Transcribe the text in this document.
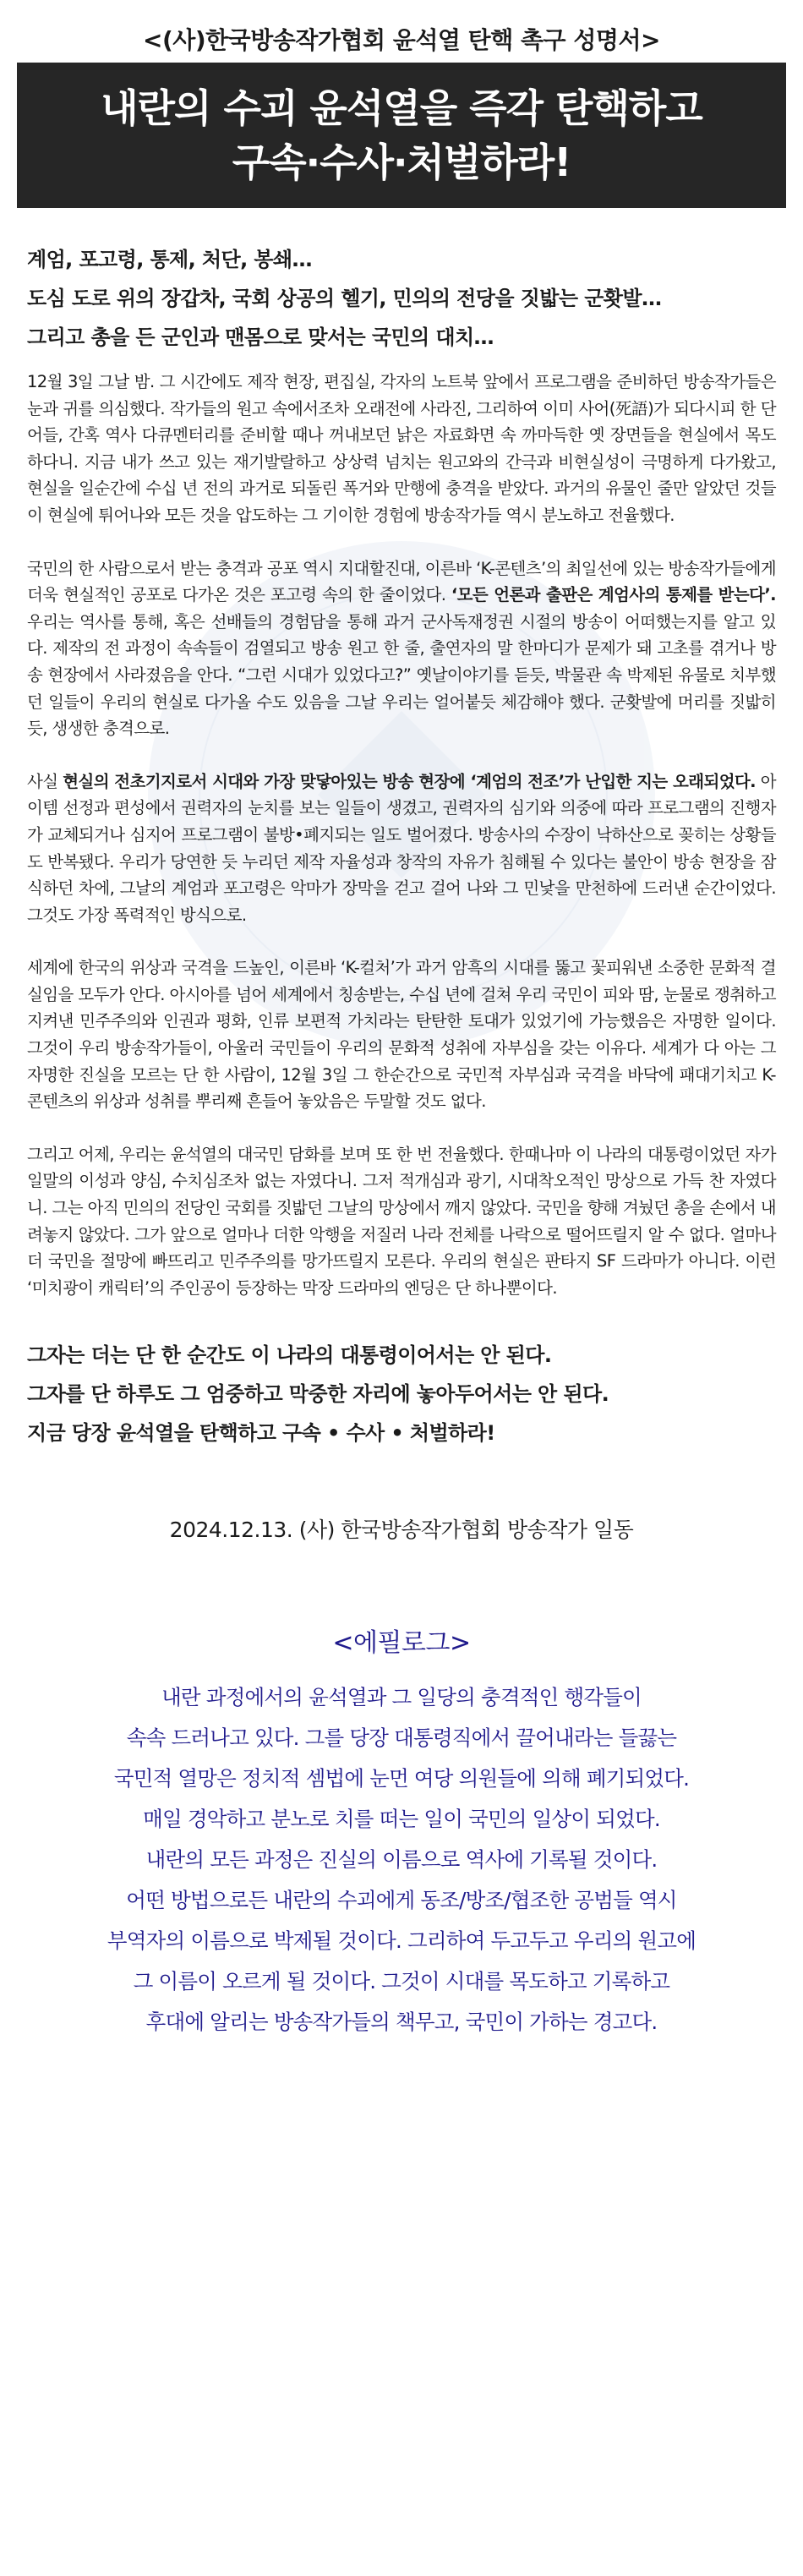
<(사)한국방송작가협회 윤석열 탄핵 촉구 성명서>
내란의 수괴 윤석열을 즉각 탄핵하고
구속·수사·처벌하라!
계엄, 포고령, 통제, 처단, 봉쇄…
도심 도로 위의 장갑차, 국회 상공의 헬기, 민의의 전당을 짓밟는 군홧발…
그리고 총을 든 군인과 맨몸으로 맞서는 국민의 대치…
12월 3일 그날 밤. 그 시간에도 제작 현장, 편집실, 각자의 노트북 앞에서 프로그램을 준비하던 방송작가들은 눈과 귀를 의심했다. 작가들의 원고 속에서조차 오래전에 사라진, 그리하여 이미 사어(死語)가 되다시피 한 단어들, 간혹 역사 다큐멘터리를 준비할 때나 꺼내보던 낡은 자료화면 속 까마득한 옛 장면들을 현실에서 목도하다니. 지금 내가 쓰고 있는 재기발랄하고 상상력 넘치는 원고와의 간극과 비현실성이 극명하게 다가왔고, 현실을 일순간에 수십 년 전의 과거로 되돌린 폭거와 만행에 충격을 받았다. 과거의 유물인 줄만 알았던 것들이 현실에 튀어나와 모든 것을 압도하는 그 기이한 경험에 방송작가들 역시 분노하고 전율했다.
국민의 한 사람으로서 받는 충격과 공포 역시 지대할진대, 이른바 ‘K-콘텐츠’의 최일선에 있는 방송작가들에게 더욱 현실적인 공포로 다가온 것은 포고령 속의 한 줄이었다. ‘모든 언론과 출판은 계엄사의 통제를 받는다’. 우리는 역사를 통해, 혹은 선배들의 경험담을 통해 과거 군사독재정권 시절의 방송이 어떠했는지를 알고 있다. 제작의 전 과정이 속속들이 검열되고 방송 원고 한 줄, 출연자의 말 한마디가 문제가 돼 고초를 겪거나 방송 현장에서 사라졌음을 안다. “그런 시대가 있었다고?” 옛날이야기를 듣듯, 박물관 속 박제된 유물로 치부했던 일들이 우리의 현실로 다가올 수도 있음을 그날 우리는 얼어붙듯 체감해야 했다. 군홧발에 머리를 짓밟히듯, 생생한 충격으로.
사실 현실의 전초기지로서 시대와 가장 맞닿아있는 방송 현장에 ‘계엄의 전조’가 난입한 지는 오래되었다. 아이템 선정과 편성에서 권력자의 눈치를 보는 일들이 생겼고, 권력자의 심기와 의중에 따라 프로그램의 진행자가 교체되거나 심지어 프로그램이 불방•폐지되는 일도 벌어졌다. 방송사의 수장이 낙하산으로 꽂히는 상황들도 반복됐다. 우리가 당연한 듯 누리던 제작 자율성과 창작의 자유가 침해될 수 있다는 불안이 방송 현장을 잠식하던 차에, 그날의 계엄과 포고령은 악마가 장막을 걷고 걸어 나와 그 민낯을 만천하에 드러낸 순간이었다. 그것도 가장 폭력적인 방식으로.
세계에 한국의 위상과 국격을 드높인, 이른바 ‘K-컬처’가 과거 암흑의 시대를 뚫고 꽃피워낸 소중한 문화적 결실임을 모두가 안다. 아시아를 넘어 세계에서 칭송받는, 수십 년에 걸쳐 우리 국민이 피와 땀, 눈물로 쟁취하고 지켜낸 민주주의와 인권과 평화, 인류 보편적 가치라는 탄탄한 토대가 있었기에 가능했음은 자명한 일이다. 그것이 우리 방송작가들이, 아울러 국민들이 우리의 문화적 성취에 자부심을 갖는 이유다. 세계가 다 아는 그 자명한 진실을 모르는 단 한 사람이, 12월 3일 그 한순간으로 국민적 자부심과 국격을 바닥에 패대기치고 K-콘텐츠의 위상과 성취를 뿌리째 흔들어 놓았음은 두말할 것도 없다.
그리고 어제, 우리는 윤석열의 대국민 담화를 보며 또 한 번 전율했다. 한때나마 이 나라의 대통령이었던 자가 일말의 이성과 양심, 수치심조차 없는 자였다니. 그저 적개심과 광기, 시대착오적인 망상으로 가득 찬 자였다니. 그는 아직 민의의 전당인 국회를 짓밟던 그날의 망상에서 깨지 않았다. 국민을 향해 겨눴던 총을 손에서 내려놓지 않았다. 그가 앞으로 얼마나 더한 악행을 저질러 나라 전체를 나락으로 떨어뜨릴지 알 수 없다. 얼마나 더 국민을 절망에 빠뜨리고 민주주의를 망가뜨릴지 모른다. 우리의 현실은 판타지 SF 드라마가 아니다. 이런 ‘미치광이 캐릭터’의 주인공이 등장하는 막장 드라마의 엔딩은 단 하나뿐이다.
그자는 더는 단 한 순간도 이 나라의 대통령이어서는 안 된다.
그자를 단 하루도 그 엄중하고 막중한 자리에 놓아두어서는 안 된다.
지금 당장 윤석열을 탄핵하고 구속 • 수사 • 처벌하라!
2024.12.13. (사) 한국방송작가협회 방송작가 일동
<에필로그>
내란 과정에서의 윤석열과 그 일당의 충격적인 행각들이
속속 드러나고 있다. 그를 당장 대통령직에서 끌어내라는 들끓는
국민적 열망은 정치적 셈법에 눈먼 여당 의원들에 의해 폐기되었다.
매일 경악하고 분노로 치를 떠는 일이 국민의 일상이 되었다.
내란의 모든 과정은 진실의 이름으로 역사에 기록될 것이다.
어떤 방법으로든 내란의 수괴에게 동조/방조/협조한 공범들 역시
부역자의 이름으로 박제될 것이다. 그리하여 두고두고 우리의 원고에
그 이름이 오르게 될 것이다. 그것이 시대를 목도하고 기록하고
후대에 알리는 방송작가들의 책무고, 국민이 가하는 경고다.
